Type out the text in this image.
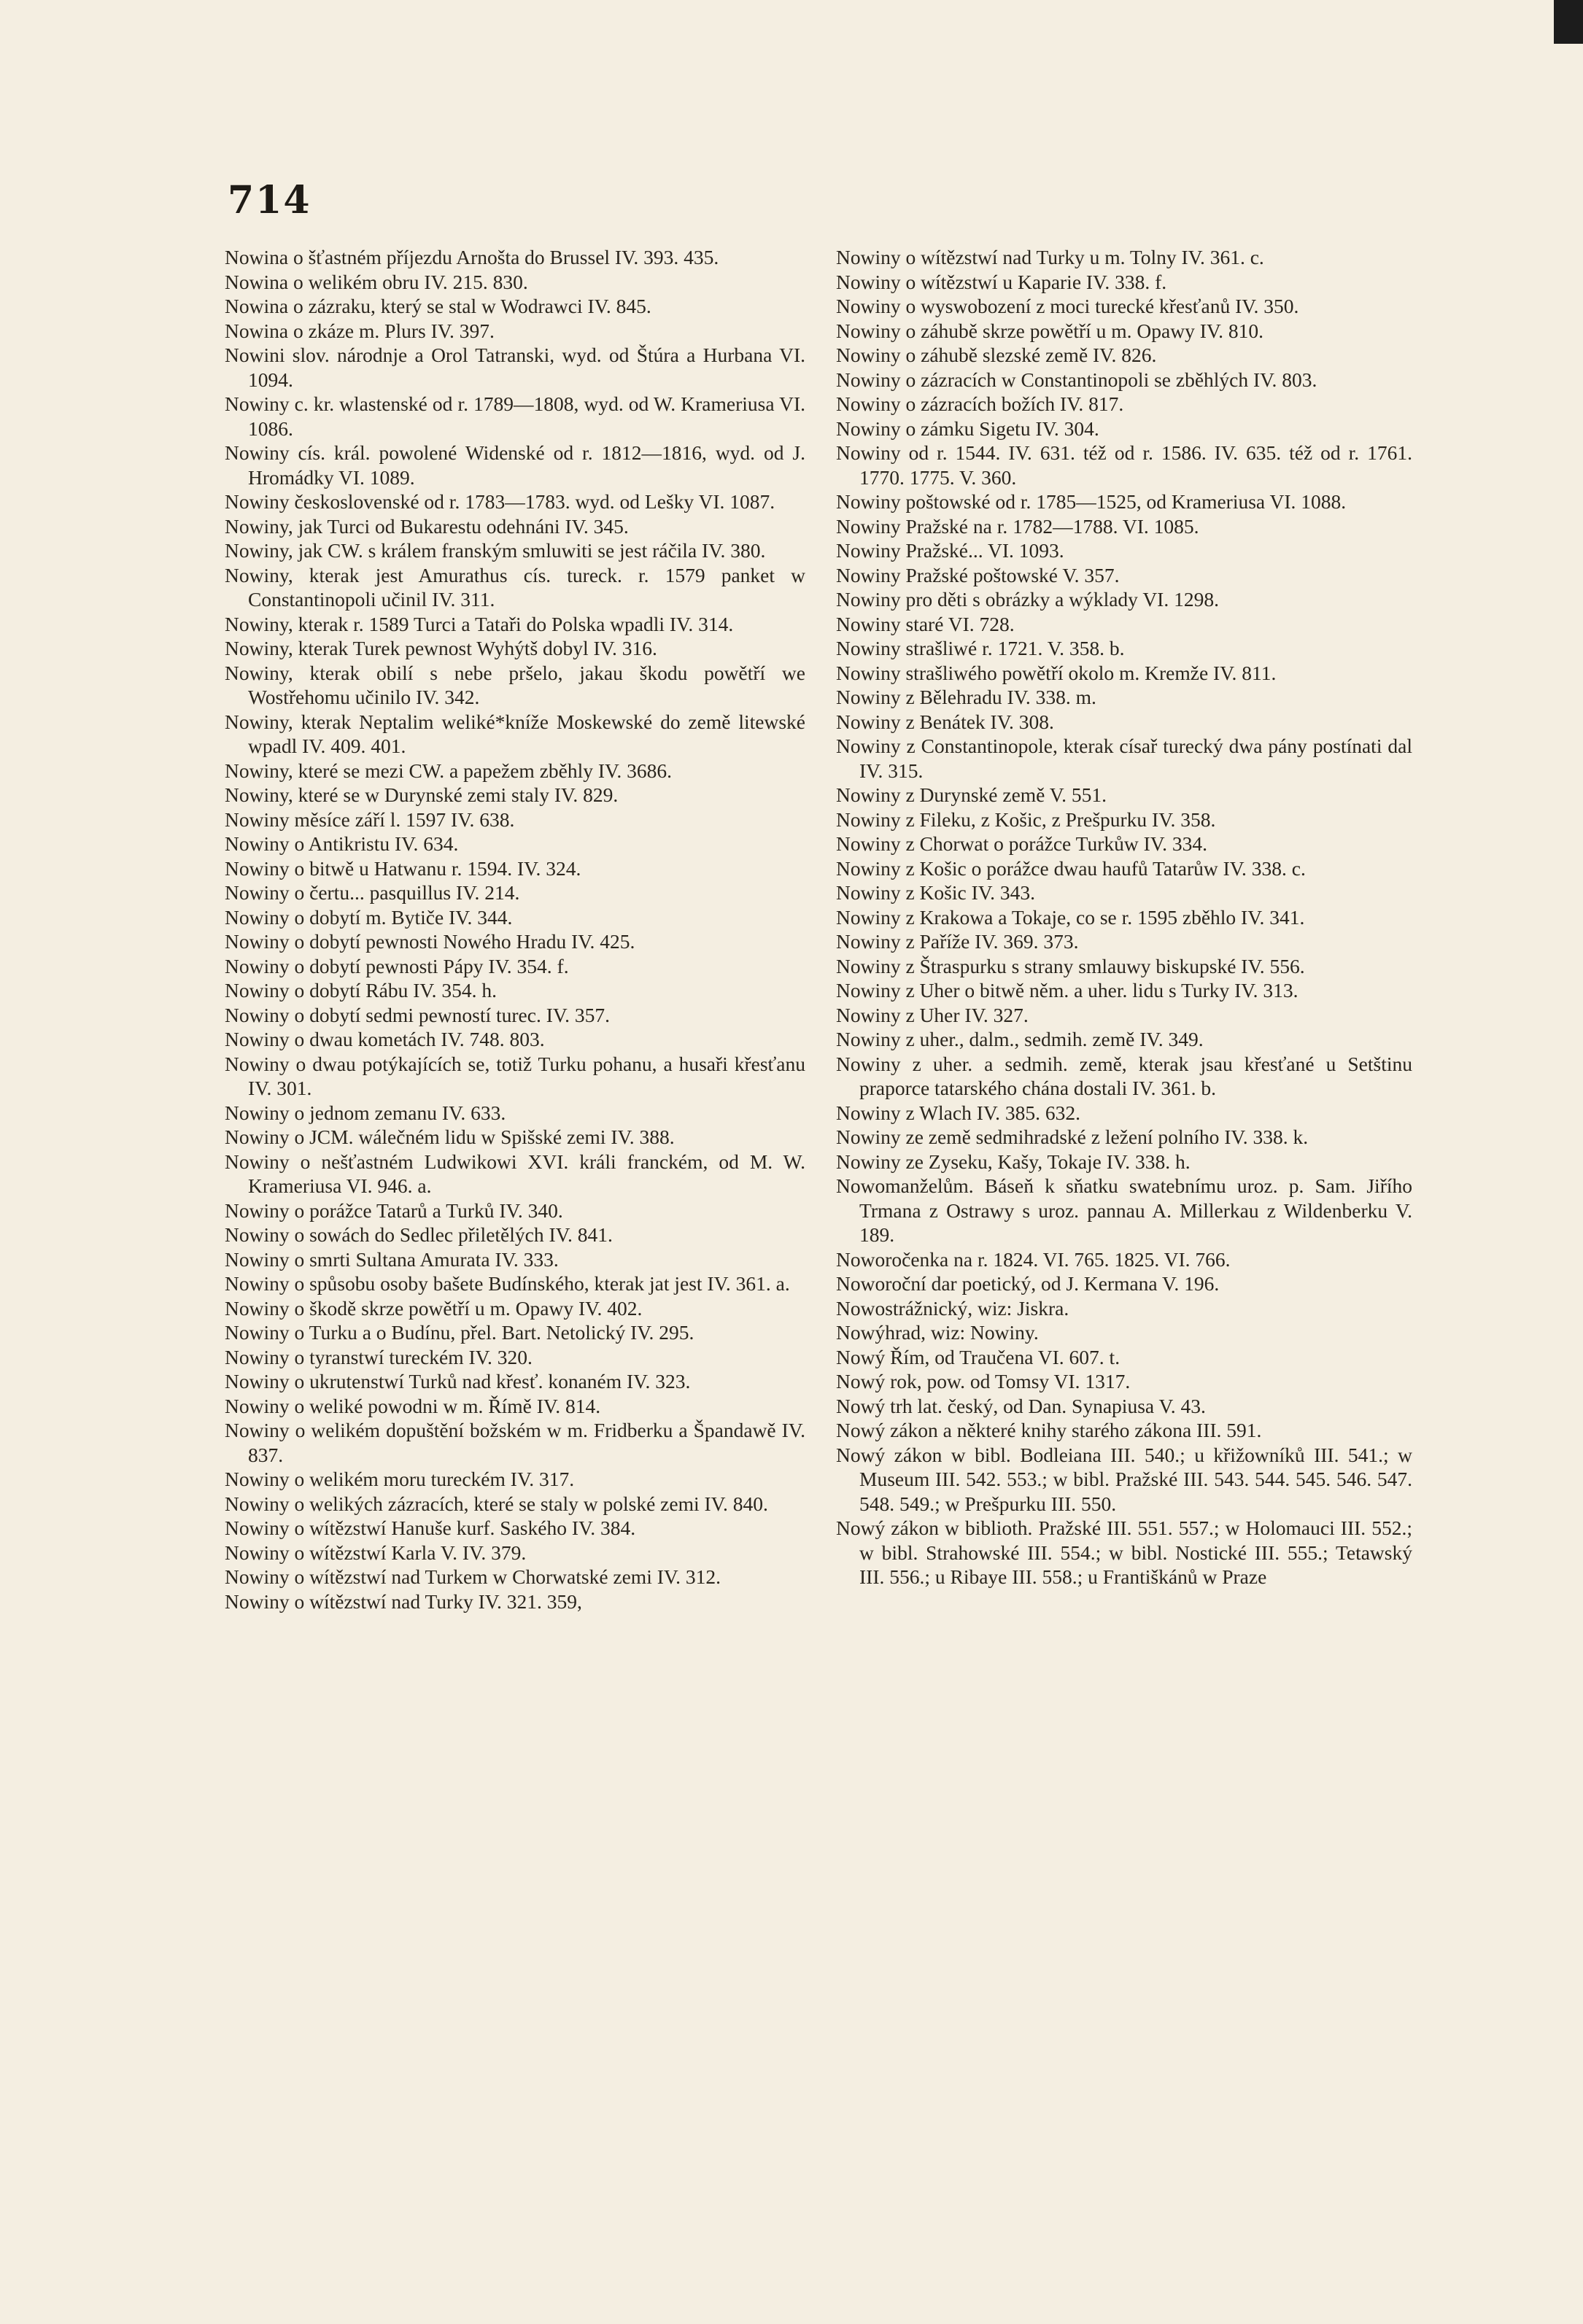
714

Nowina o šťastném příjezdu Arnošta do Brussel IV. 393. 435.

Nowina o welikém obru IV. 215. 830.

Nowina o zázraku, který se stal w Wodrawci IV. 845.

Nowina o zkáze m. Plurs IV. 397.

Nowini slov. národnje a Orol Tatranski, wyd. od Štúra a Hurbana VI. 1094.

Nowiny c. kr. wlastenské od r. 1789—1808, wyd. od W. Krameriusa VI. 1086.

Nowiny cís. král. powolené Widenské od r. 1812—1816, wyd. od J. Hromádky VI. 1089.

Nowiny československé od r. 1783—1783. wyd. od Lešky VI. 1087.

Nowiny, jak Turci od Bukarestu odehnáni IV. 345.

Nowiny, jak CW. s králem franským smluwiti se jest ráčila IV. 380.

Nowiny, kterak jest Amurathus cís. tureck. r. 1579 panket w Constantinopoli učinil IV. 311.

Nowiny, kterak r. 1589 Turci a Tatаři do Polska wpadli IV. 314.

Nowiny, kterak Turek pewnost Wyhýtš dobyl IV. 316.

Nowiny, kterak obilí s nebe pršelo, jakau škodu powětří we Wostřehomu učinilo IV. 342.

Nowiny, kterak Neptalim weliké*kníže Moskewské do země litewské wpadl IV. 409. 401.

Nowiny, které se mezi CW. a papežem zběhly IV. 3686.

Nowiny, které se w Durynské zemi staly IV. 829.

Nowiny měsíce září l. 1597 IV. 638.

Nowiny o Antikristu IV. 634.

Nowiny o bitwě u Hatwanu r. 1594. IV. 324.

Nowiny o čertu... pasquillus IV. 214.

Nowiny o dobytí m. Bytiče IV. 344.

Nowiny o dobytí pewnosti Nowého Hradu IV. 425.

Nowiny o dobytí pewnosti Pápy IV. 354. f.

Nowiny o dobytí Rábu IV. 354. h.

Nowiny o dobytí sedmi pewností turec. IV. 357.

Nowiny o dwau kometách IV. 748. 803.

Nowiny o dwau potýkajících se, totiž Turku pohanu, a husaři křesťanu IV. 301.

Nowiny o jednom zemanu IV. 633.

Nowiny o JCM. wálečném lidu w Spišské zemi IV. 388.

Nowiny o nešťastném Ludwikowi XVI. králi franckém, od M. W. Krameriusa VI. 946. a.

Nowiny o porážce Tatarů a Turků IV. 340.

Nowiny o sowách do Sedlec přiletělých IV. 841.

Nowiny o smrti Sultana Amurata IV. 333.

Nowiny o spůsobu osoby bašete Budínského, kterak jat jest IV. 361. a.

Nowiny o škodě skrze powětří u m. Opawy IV. 402.

Nowiny o Turku a o Budínu, přel. Bart. Netolický IV. 295.

Nowiny o tyranstwí tureckém IV. 320.

Nowiny o ukrutenstwí Turků nad křesť. konaném IV. 323.

Nowiny o weliké powodni w m. Římě IV. 814.

Nowiny o welikém dopuštění božském w m. Fridberku a Špandawě IV. 837.

Nowiny o welikém moru tureckém IV. 317.

Nowiny o welikých zázracích, které se staly w polské zemi IV. 840.

Nowiny o wítězstwí Hanuše kurf. Saského IV. 384.

Nowiny o wítězstwí Karla V. IV. 379.

Nowiny o wítězstwí nad Turkem w Chorwatské zemi IV. 312.

Nowiny o wítězstwí nad Turky IV. 321. 359,

Nowiny o wítězstwí nad Turky u m. Tolny IV. 361. c.

Nowiny o wítězstwí u Kaparie IV. 338. f.

Nowiny o wyswobození z moci turecké křesťanů IV. 350.

Nowiny o záhubě skrze powětří u m. Opawy IV. 810.

Nowiny o záhubě slezské země IV. 826.

Nowiny o zázracích w Constantinopoli se zběhlých IV. 803.

Nowiny o zázracích božích IV. 817.

Nowiny o zámku Sigetu IV. 304.

Nowiny od r. 1544. IV. 631. též od r. 1586. IV. 635. též od r. 1761. 1770. 1775. V. 360.

Nowiny poštowské od r. 1785—1525, od Krameriusa VI. 1088.

Nowiny Pražské na r. 1782—1788. VI. 1085.

Nowiny Pražské... VI. 1093.

Nowiny Pražské poštowské V. 357.

Nowiny pro děti s obrázky a wýklady VI. 1298.

Nowiny staré VI. 728.

Nowiny strašliwé r. 1721. V. 358. b.

Nowiny strašliwého powětří okolo m. Kremže IV. 811.

Nowiny z Bělehradu IV. 338. m.

Nowiny z Benátek IV. 308.

Nowiny z Constantinopole, kterak císař turecký dwa pány postínati dal IV. 315.

Nowiny z Durynské země V. 551.

Nowiny z Fileku, z Košic, z Prešpurku IV. 358.

Nowiny z Chorwat o porážce Turkůw IV. 334.

Nowiny z Košic o porážce dwau haufů Tatarůw IV. 338. c.

Nowiny z Košic IV. 343.

Nowiny z Krakowa a Tokaje, co se r. 1595 zběhlo IV. 341.

Nowiny z Paříže IV. 369. 373.

Nowiny z Štraspurku s strany smlauwy biskupské IV. 556.

Nowiny z Uher o bitwě něm. a uher. lidu s Turky IV. 313.

Nowiny z Uher IV. 327.

Nowiny z uher., dalm., sedmih. země IV. 349.

Nowiny z uher. a sedmih. země, kterak jsau křesťané u Setštinu praporce tatarského chána dostali IV. 361. b.

Nowiny z Wlach IV. 385. 632.

Nowiny ze země sedmihradské z ležení polního IV. 338. k.

Nowiny ze Zyseku, Kašy, Tokaje IV. 338. h.

Nowomanželům. Báseň k sňatku swatebnímu uroz. p. Sam. Jiřího Trmana z Ostrawy s uroz. pannau A. Millerkau z Wildenberku V. 189.

Noworočenka na r. 1824. VI. 765. 1825. VI. 766.

Noworoční dar poetický, od J. Kermana V. 196.

Nowostrážnický, wiz: Jiskra.

Nowýhrad, wiz: Nowiny.

Nowý Řím, od Traučena VI. 607. t.

Nowý rok, pow. od Tomsy VI. 1317.

Nowý trh lat. český, od Dan. Synapiusa V. 43.

Nowý zákon a některé knihy starého zákona III. 591.

Nowý zákon w bibl. Bodleiana III. 540.; u křižowníků III. 541.; w Museum III. 542. 553.; w bibl. Pražské III. 543. 544. 545. 546. 547. 548. 549.; w Prešpurku III. 550.

Nowý zákon w biblioth. Pražské III. 551. 557.; w Holomauci III. 552.; w bibl. Strahowské III. 554.; w bibl. Nostické III. 555.; Tetawský III. 556.; u Ribaye III. 558.; u Františkánů w Praze
